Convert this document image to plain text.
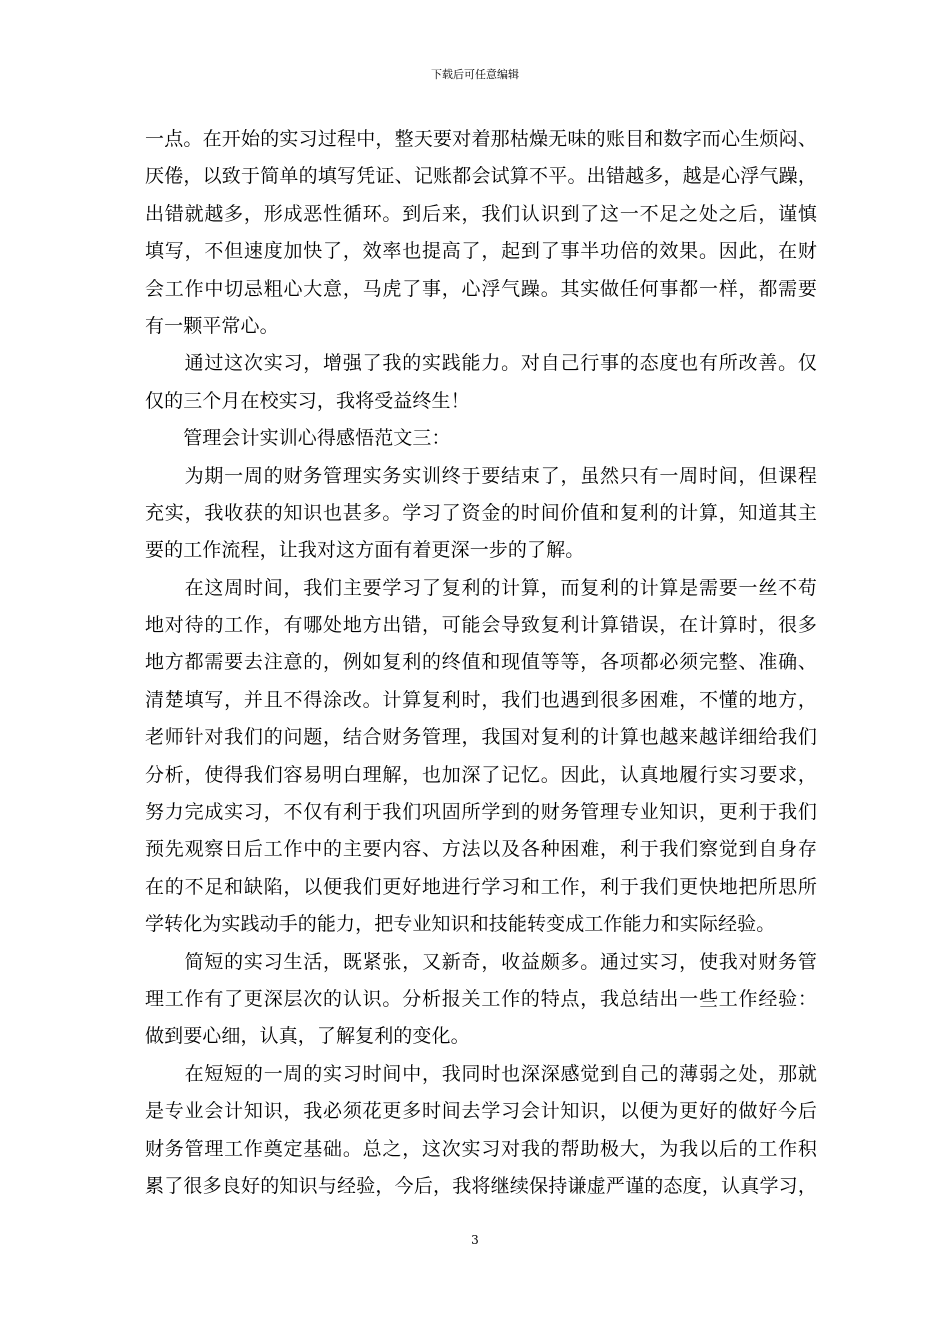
下载后可任意编辑
一点。在开始的实习过程中，整天要对着那枯燥无味的账目和数字而心生烦闷、
厌倦，以致于简单的填写凭证、记账都会试算不平。出错越多，越是心浮气躁，
出错就越多，形成恶性循环。到后来，我们认识到了这一不足之处之后，谨慎
填写，不但速度加快了，效率也提高了，起到了事半功倍的效果。因此，在财
会工作中切忌粗心大意，马虎了事，心浮气躁。其实做任何事都一样，都需要
有一颗平常心。
　　通过这次实习，增强了我的实践能力。对自己行事的态度也有所改善。仅
仅的三个月在校实习，我将受益终生！
　　管理会计实训心得感悟范文三：
　　为期一周的财务管理实务实训终于要结束了，虽然只有一周时间，但课程
充实，我收获的知识也甚多。学习了资金的时间价值和复利的计算，知道其主
要的工作流程，让我对这方面有着更深一步的了解。
　　在这周时间，我们主要学习了复利的计算，而复利的计算是需要一丝不苟
地对待的工作，有哪处地方出错，可能会导致复利计算错误，在计算时，很多
地方都需要去注意的，例如复利的终值和现值等等，各项都必须完整、准确、
清楚填写，并且不得涂改。计算复利时，我们也遇到很多困难，不懂的地方，
老师针对我们的问题，结合财务管理，我国对复利的计算也越来越详细给我们
分析，使得我们容易明白理解，也加深了记忆。因此，认真地履行实习要求，
努力完成实习，不仅有利于我们巩固所学到的财务管理专业知识，更利于我们
预先观察日后工作中的主要内容、方法以及各种困难，利于我们察觉到自身存
在的不足和缺陷，以便我们更好地进行学习和工作，利于我们更快地把所思所
学转化为实践动手的能力，把专业知识和技能转变成工作能力和实际经验。
　　简短的实习生活，既紧张，又新奇，收益颇多。通过实习，使我对财务管
理工作有了更深层次的认识。分析报关工作的特点，我总结出一些工作经验：
做到要心细，认真，了解复利的变化。
　　在短短的一周的实习时间中，我同时也深深感觉到自己的薄弱之处，那就
是专业会计知识，我必须花更多时间去学习会计知识，以便为更好的做好今后
财务管理工作奠定基础。总之，这次实习对我的帮助极大，为我以后的工作积
累了很多良好的知识与经验，今后，我将继续保持谦虚严谨的态度，认真学习，
3
